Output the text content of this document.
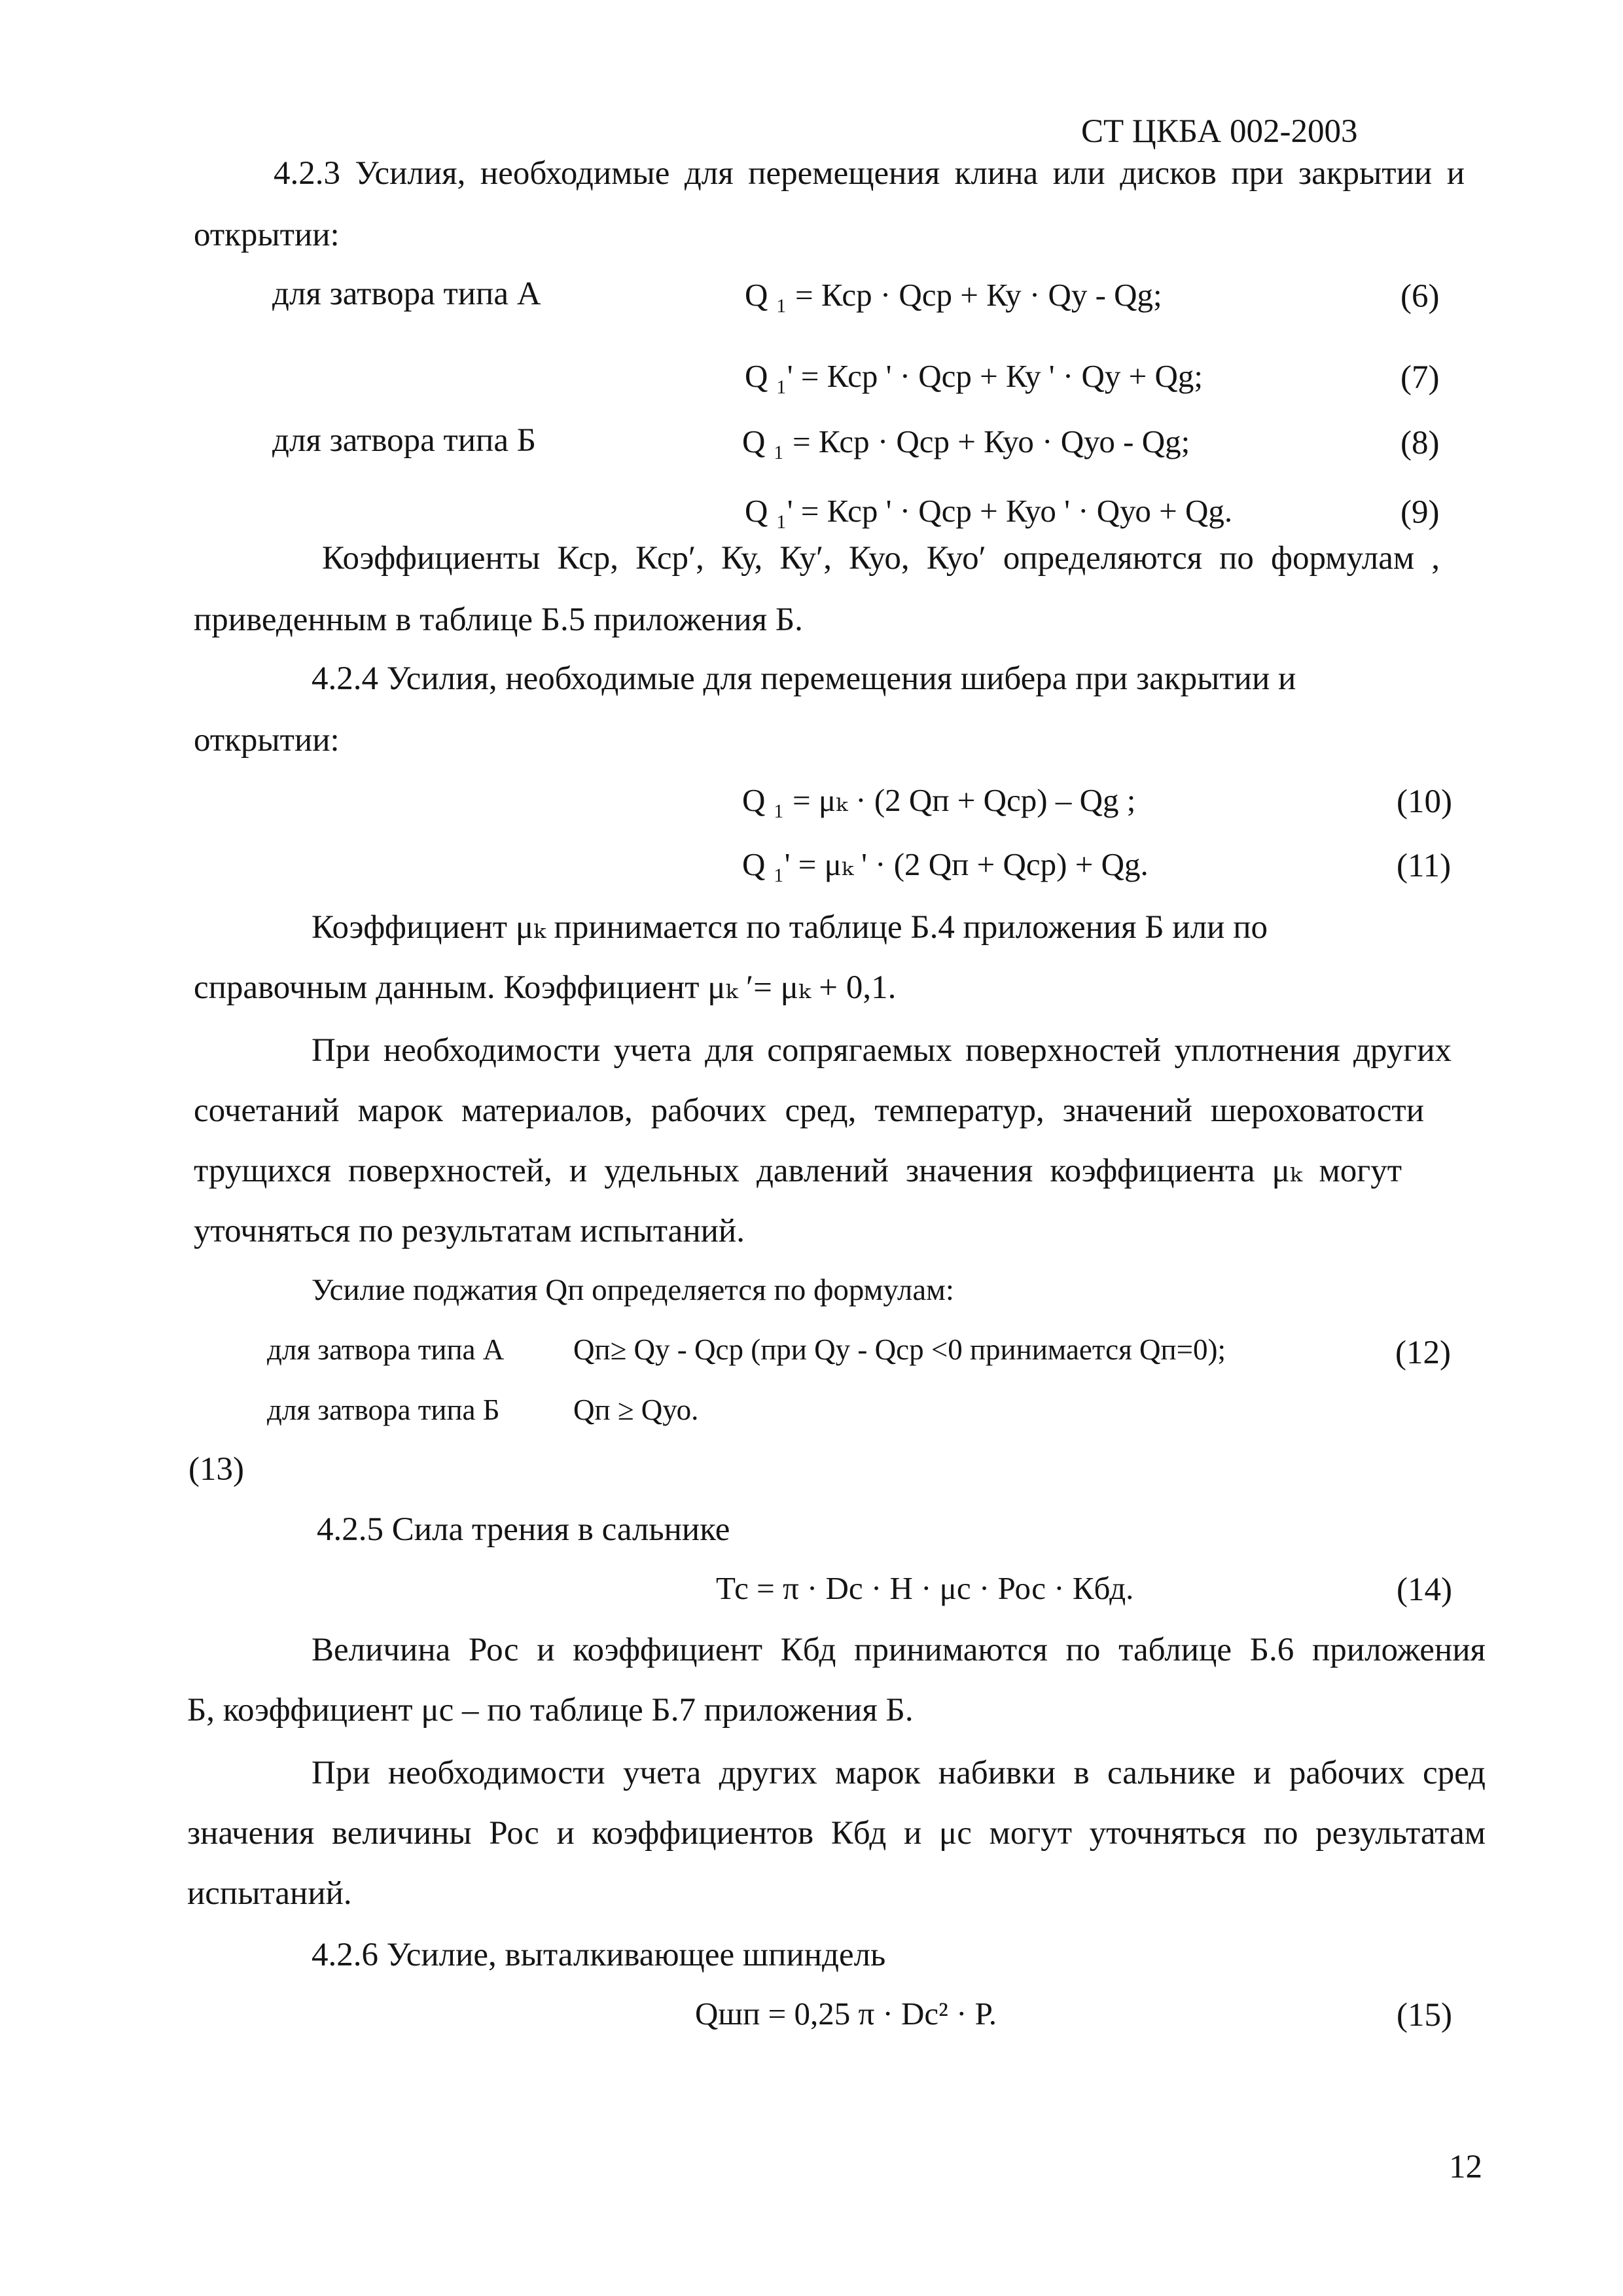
СТ ЦКБА 002-2003
4.2.3 Усилия, необходимые для перемещения клина или дисков при закрытии и
открытии:
для затвора типа А	Q ₁ = Кср · Qср + Ку · Qу - Qg;	(6)
Q ₁' = Кср ' · Qср + Ку ' · Qу + Qg;	(7)
для затвора типа Б	Q ₁ = Кср · Qср + Куо · Qуо - Qg;	(8)
Q ₁' = Кср ' · Qср + Куо ' · Qуо + Qg.	(9)
Коэффициенты Кср, Кср′, Ку, Ку′, Куо, Куо′ определяются по формулам ,
приведенным в таблице Б.5 приложения Б.
4.2.4 Усилия, необходимые для перемещения шибера при закрытии и
открытии:
Q ₁ = μₖ · (2 Qп + Qср) – Qg ;	(10)
Q ₁' = μₖ ' · (2 Qп + Qср) + Qg.	(11)
Коэффициент μₖ принимается по таблице Б.4 приложения Б или по
справочным данным. Коэффициент μₖ ′= μₖ + 0,1.
При необходимости учета для сопрягаемых поверхностей уплотнения других
сочетаний марок материалов, рабочих сред, температур, значений шероховатости
трущихся поверхностей, и удельных давлений значения коэффициента μₖ могут
уточняться по результатам испытаний.
Усилие поджатия Qп определяется по формулам:
для затвора типа А Qп≥ Qу - Qср (при Qу - Qср <0 принимается Qп=0);	(12)
для затвора типа Б Qп ≥ Qуо.
(13)
4.2.5 Сила трения в сальнике
Тс = π · Dс · Н · μc · Рос · Кбд.	(14)
Величина Рос и коэффициент Кбд принимаются по таблице Б.6 приложения
Б, коэффициент μc – по таблице Б.7 приложения Б.
При необходимости учета других марок набивки в сальнике и рабочих сред
значения величины Рос и коэффициентов Кбд и μc могут уточняться по результатам
испытаний.
4.2.6 Усилие, выталкивающее шпиндель
Qшп = 0,25 π · Dс² · Р.	(15)
12
